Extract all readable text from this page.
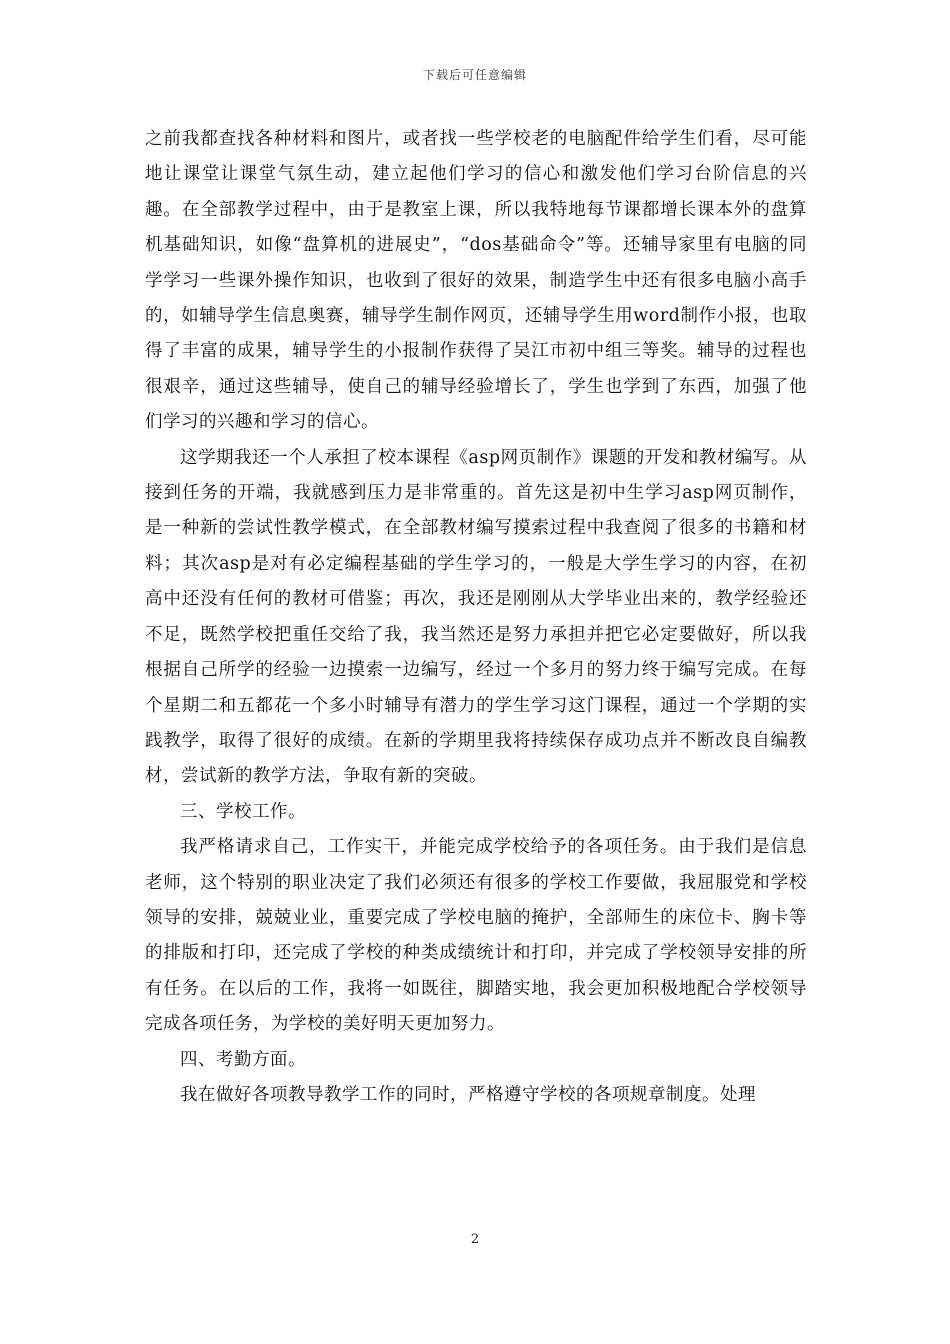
下载后可任意编辑

之前我都查找各种材料和图片，或者找一些学校老的电脑配件给学生们看，尽可能地让课堂让课堂气氛生动，建立起他们学习的信心和激发他们学习台阶信息的兴趣。在全部教学过程中，由于是教室上课，所以我特地每节课都增长课本外的盘算机基础知识，如像“盘算机的进展史”，“dos基础命令”等。还辅导家里有电脑的同学学习一些课外操作知识，也收到了很好的效果，制造学生中还有很多电脑小高手的，如辅导学生信息奥赛，辅导学生制作网页，还辅导学生用word制作小报，也取得了丰富的成果，辅导学生的小报制作获得了吴江市初中组三等奖。辅导的过程也很艰辛，通过这些辅导，使自己的辅导经验增长了，学生也学到了东西，加强了他们学习的兴趣和学习的信心。

这学期我还一个人承担了校本课程《asp网页制作》课题的开发和教材编写。从接到任务的开端，我就感到压力是非常重的。首先这是初中生学习asp网页制作，是一种新的尝试性教学模式，在全部教材编写摸索过程中我查阅了很多的书籍和材料；其次asp是对有必定编程基础的学生学习的，一般是大学生学习的内容，在初高中还没有任何的教材可借鉴；再次，我还是刚刚从大学毕业出来的，教学经验还不足，既然学校把重任交给了我，我当然还是努力承担并把它必定要做好，所以我根据自己所学的经验一边摸索一边编写，经过一个多月的努力终于编写完成。在每个星期二和五都花一个多小时辅导有潜力的学生学习这门课程，通过一个学期的实践教学，取得了很好的成绩。在新的学期里我将持续保存成功点并不断改良自编教材，尝试新的教学方法，争取有新的突破。

三、学校工作。

我严格请求自己，工作实干，并能完成学校给予的各项任务。由于我们是信息老师，这个特别的职业决定了我们必须还有很多的学校工作要做，我屈服党和学校领导的安排，兢兢业业，重要完成了学校电脑的掩护，全部师生的床位卡、胸卡等的排版和打印，还完成了学校的种类成绩统计和打印，并完成了学校领导安排的所有任务。在以后的工作，我将一如既往，脚踏实地，我会更加积极地配合学校领导完成各项任务，为学校的美好明天更加努力。

四、考勤方面。

我在做好各项教导教学工作的同时，严格遵守学校的各项规章制度。处理

2
